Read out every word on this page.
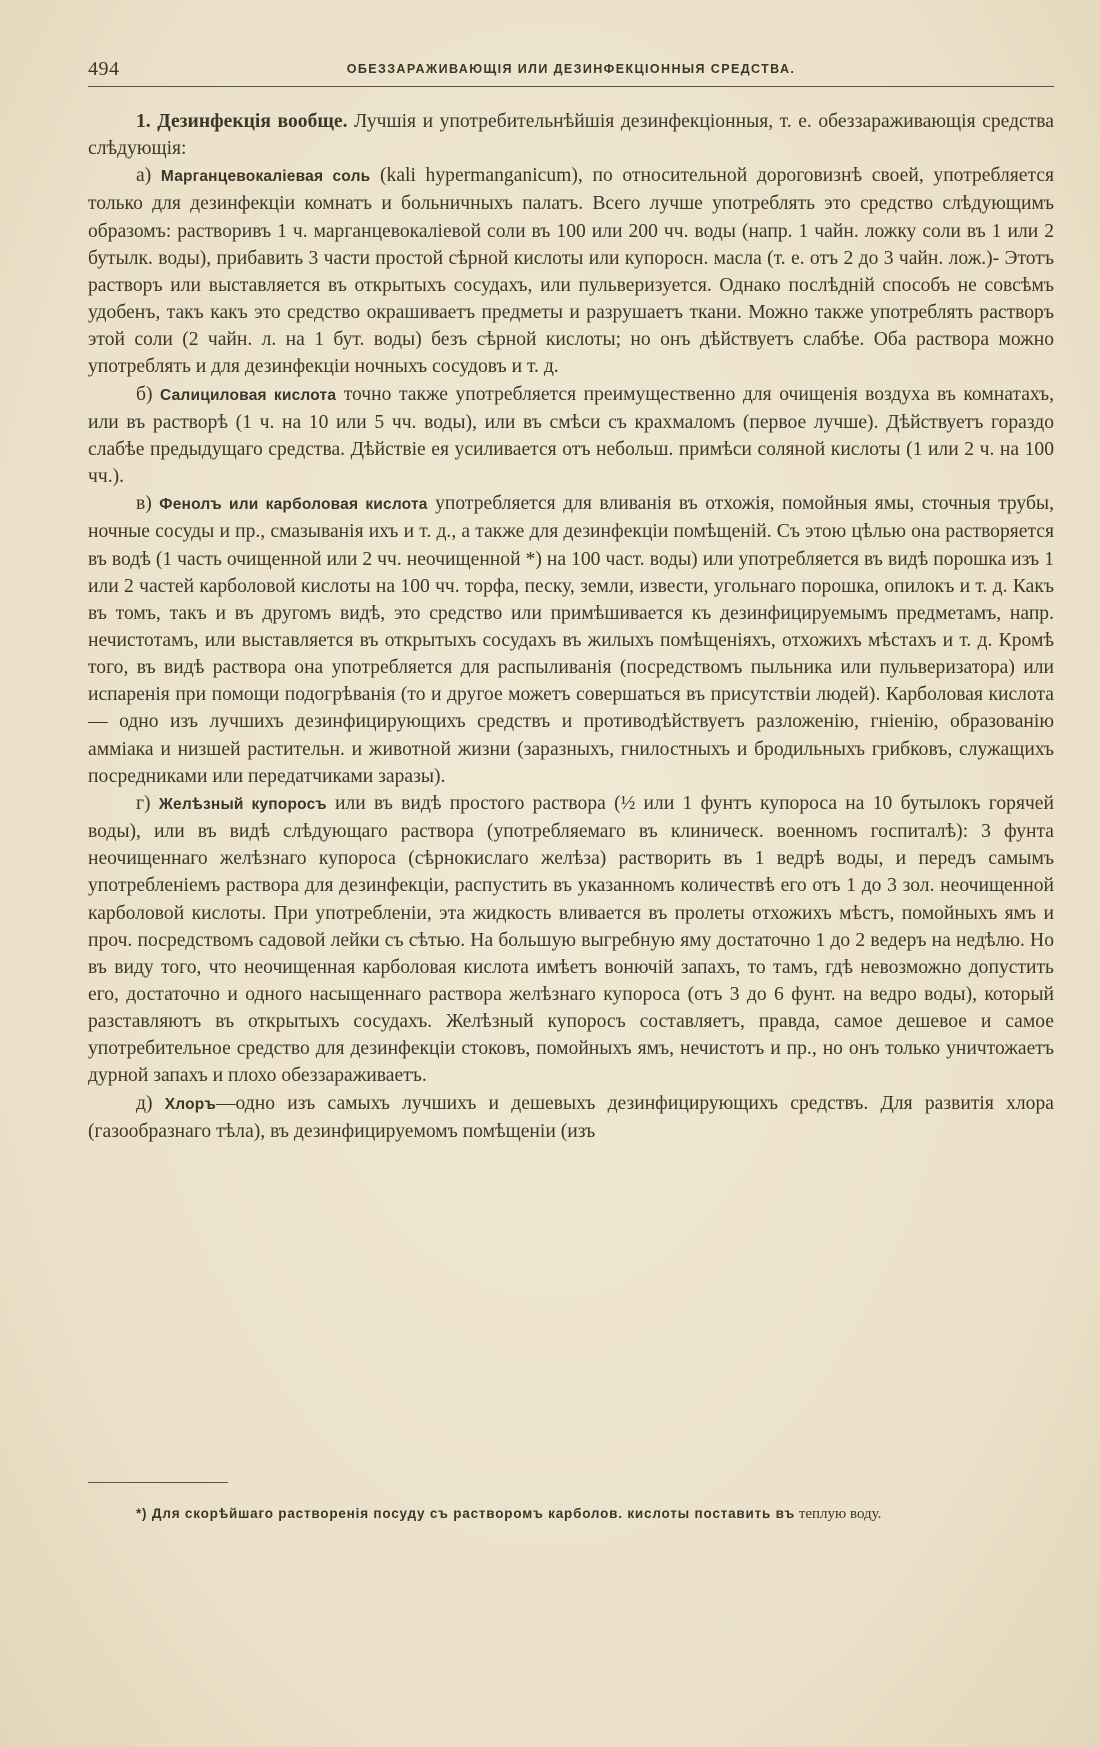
494	ОБЕЗЗАРАЖИВАЮЩІЯ ИЛИ ДЕЗИНФЕКЦІОННЫЯ СРЕДСТВА.

1. Дезинфекція вообще. Лучшія и употребительнѣйшія дезинфекціонныя, т. е. обеззараживающія средства слѣдующія:

а) Марганцевокаліевая соль (kali hypermanganicum), по относительной дороговизнѣ своей, употребляется только для дезинфекціи комнатъ и больничныхъ палатъ. Всего лучше употреблять это средство слѣдующимъ образомъ: растворивъ 1 ч. марганцевокаліевой соли въ 100 или 200 чч. воды (напр. 1 чайн. ложку соли въ 1 или 2 бутылк. воды), прибавить 3 части простой сѣрной кислоты или купоросн. масла (т. е. отъ 2 до 3 чайн. лож.)- Этотъ растворъ или выставляется въ открытыхъ сосудахъ, или пульверизуется. Однако послѣдній способъ не совсѣмъ удобенъ, такъ какъ это средство окрашиваетъ предметы и разрушаетъ ткани. Можно также употреблять растворъ этой соли (2 чайн. л. на 1 бут. воды) безъ сѣрной кислоты; но онъ дѣйствуетъ слабѣе. Оба раствора можно употреблять и для дезинфекціи ночныхъ сосудовъ и т. д.

б) Салициловая кислота точно также употребляется преимущественно для очищенія воздуха въ комнатахъ, или въ растворѣ (1 ч. на 10 или 5 чч. воды), или въ смѣси съ крахмаломъ (первое лучше). Дѣйствуетъ гораздо слабѣе предыдущаго средства. Дѣйствіе ея усиливается отъ небольш. примѣси соляной кислоты (1 или 2 ч. на 100 чч.).

в) Фенолъ или карболовая кислота употребляется для вливанія въ отхожія, помойныя ямы, сточныя трубы, ночные сосуды и пр., смазыванія ихъ и т. д., а также для дезинфекціи помѣщеній. Съ этою цѣлью она растворяется въ водѣ (1 часть очищенной или 2 чч. неочищенной *) на 100 част. воды) или употребляется въ видѣ порошка изъ 1 или 2 частей карболовой кислоты на 100 чч. торфа, песку, земли, извести, угольнаго порошка, опилокъ и т. д. Какъ въ томъ, такъ и въ другомъ видѣ, это средство или примѣшивается къ дезинфицируемымъ предметамъ, напр. нечистотамъ, или выставляется въ открытыхъ сосудахъ въ жилыхъ помѣщеніяхъ, отхожихъ мѣстахъ и т. д. Кромѣ того, въ видѣ раствора она употребляется для распыливанія (посредствомъ пыльника или пульверизатора) или испаренія при помощи подогрѣванія (то и другое можетъ совершаться въ присутствіи людей). Карболовая кислота — одно изъ лучшихъ дезинфицирующихъ средствъ и противодѣйствуетъ разложенію, гніенію, образованію амміака и низшей растительн. и животной жизни (заразныхъ, гнилостныхъ и бродильныхъ грибковъ, служащихъ посредниками или передатчиками заразы).

г) Желѣзный купоросъ или въ видѣ простого раствора (½ или 1 фунтъ купороса на 10 бутылокъ горячей воды), или въ видѣ слѣдующаго раствора (употребляемаго въ клиническ. военномъ госпиталѣ): 3 фунта неочищеннаго желѣзнаго купороса (сѣрнокислаго желѣза) растворить въ 1 ведрѣ воды, и передъ самымъ употребленіемъ раствора для дезинфекціи, распустить въ указанномъ количествѣ его отъ 1 до 3 зол. неочищенной карболовой кислоты. При употребленіи, эта жидкость вливается въ пролеты отхожихъ мѣстъ, помойныхъ ямъ и проч. посредствомъ садовой лейки съ сѣтью. На большую выгребную яму достаточно 1 до 2 ведеръ на недѣлю. Но въ виду того, что неочищенная карболовая кислота имѣетъ вонючій запахъ, то тамъ, гдѣ невозможно допустить его, достаточно и одного насыщеннаго раствора желѣзнаго купороса (отъ 3 до 6 фунт. на ведро воды), который разставляютъ въ открытыхъ сосудахъ. Желѣзный купоросъ составляетъ, правда, самое дешевое и самое употребительное средство для дезинфекціи стоковъ, помойныхъ ямъ, нечистотъ и пр., но онъ только уничтожаетъ дурной запахъ и плохо обеззараживаетъ.

д) Хлоръ—одно изъ самыхъ лучшихъ и дешевыхъ дезинфицирующихъ средствъ. Для развитія хлора (газообразнаго тѣла), въ дезинфицируемомъ помѣщеніи (изъ

*) Для скорѣйшаго растворенія посуду съ растворомъ карболов. кислоты поставить въ теплую воду.
